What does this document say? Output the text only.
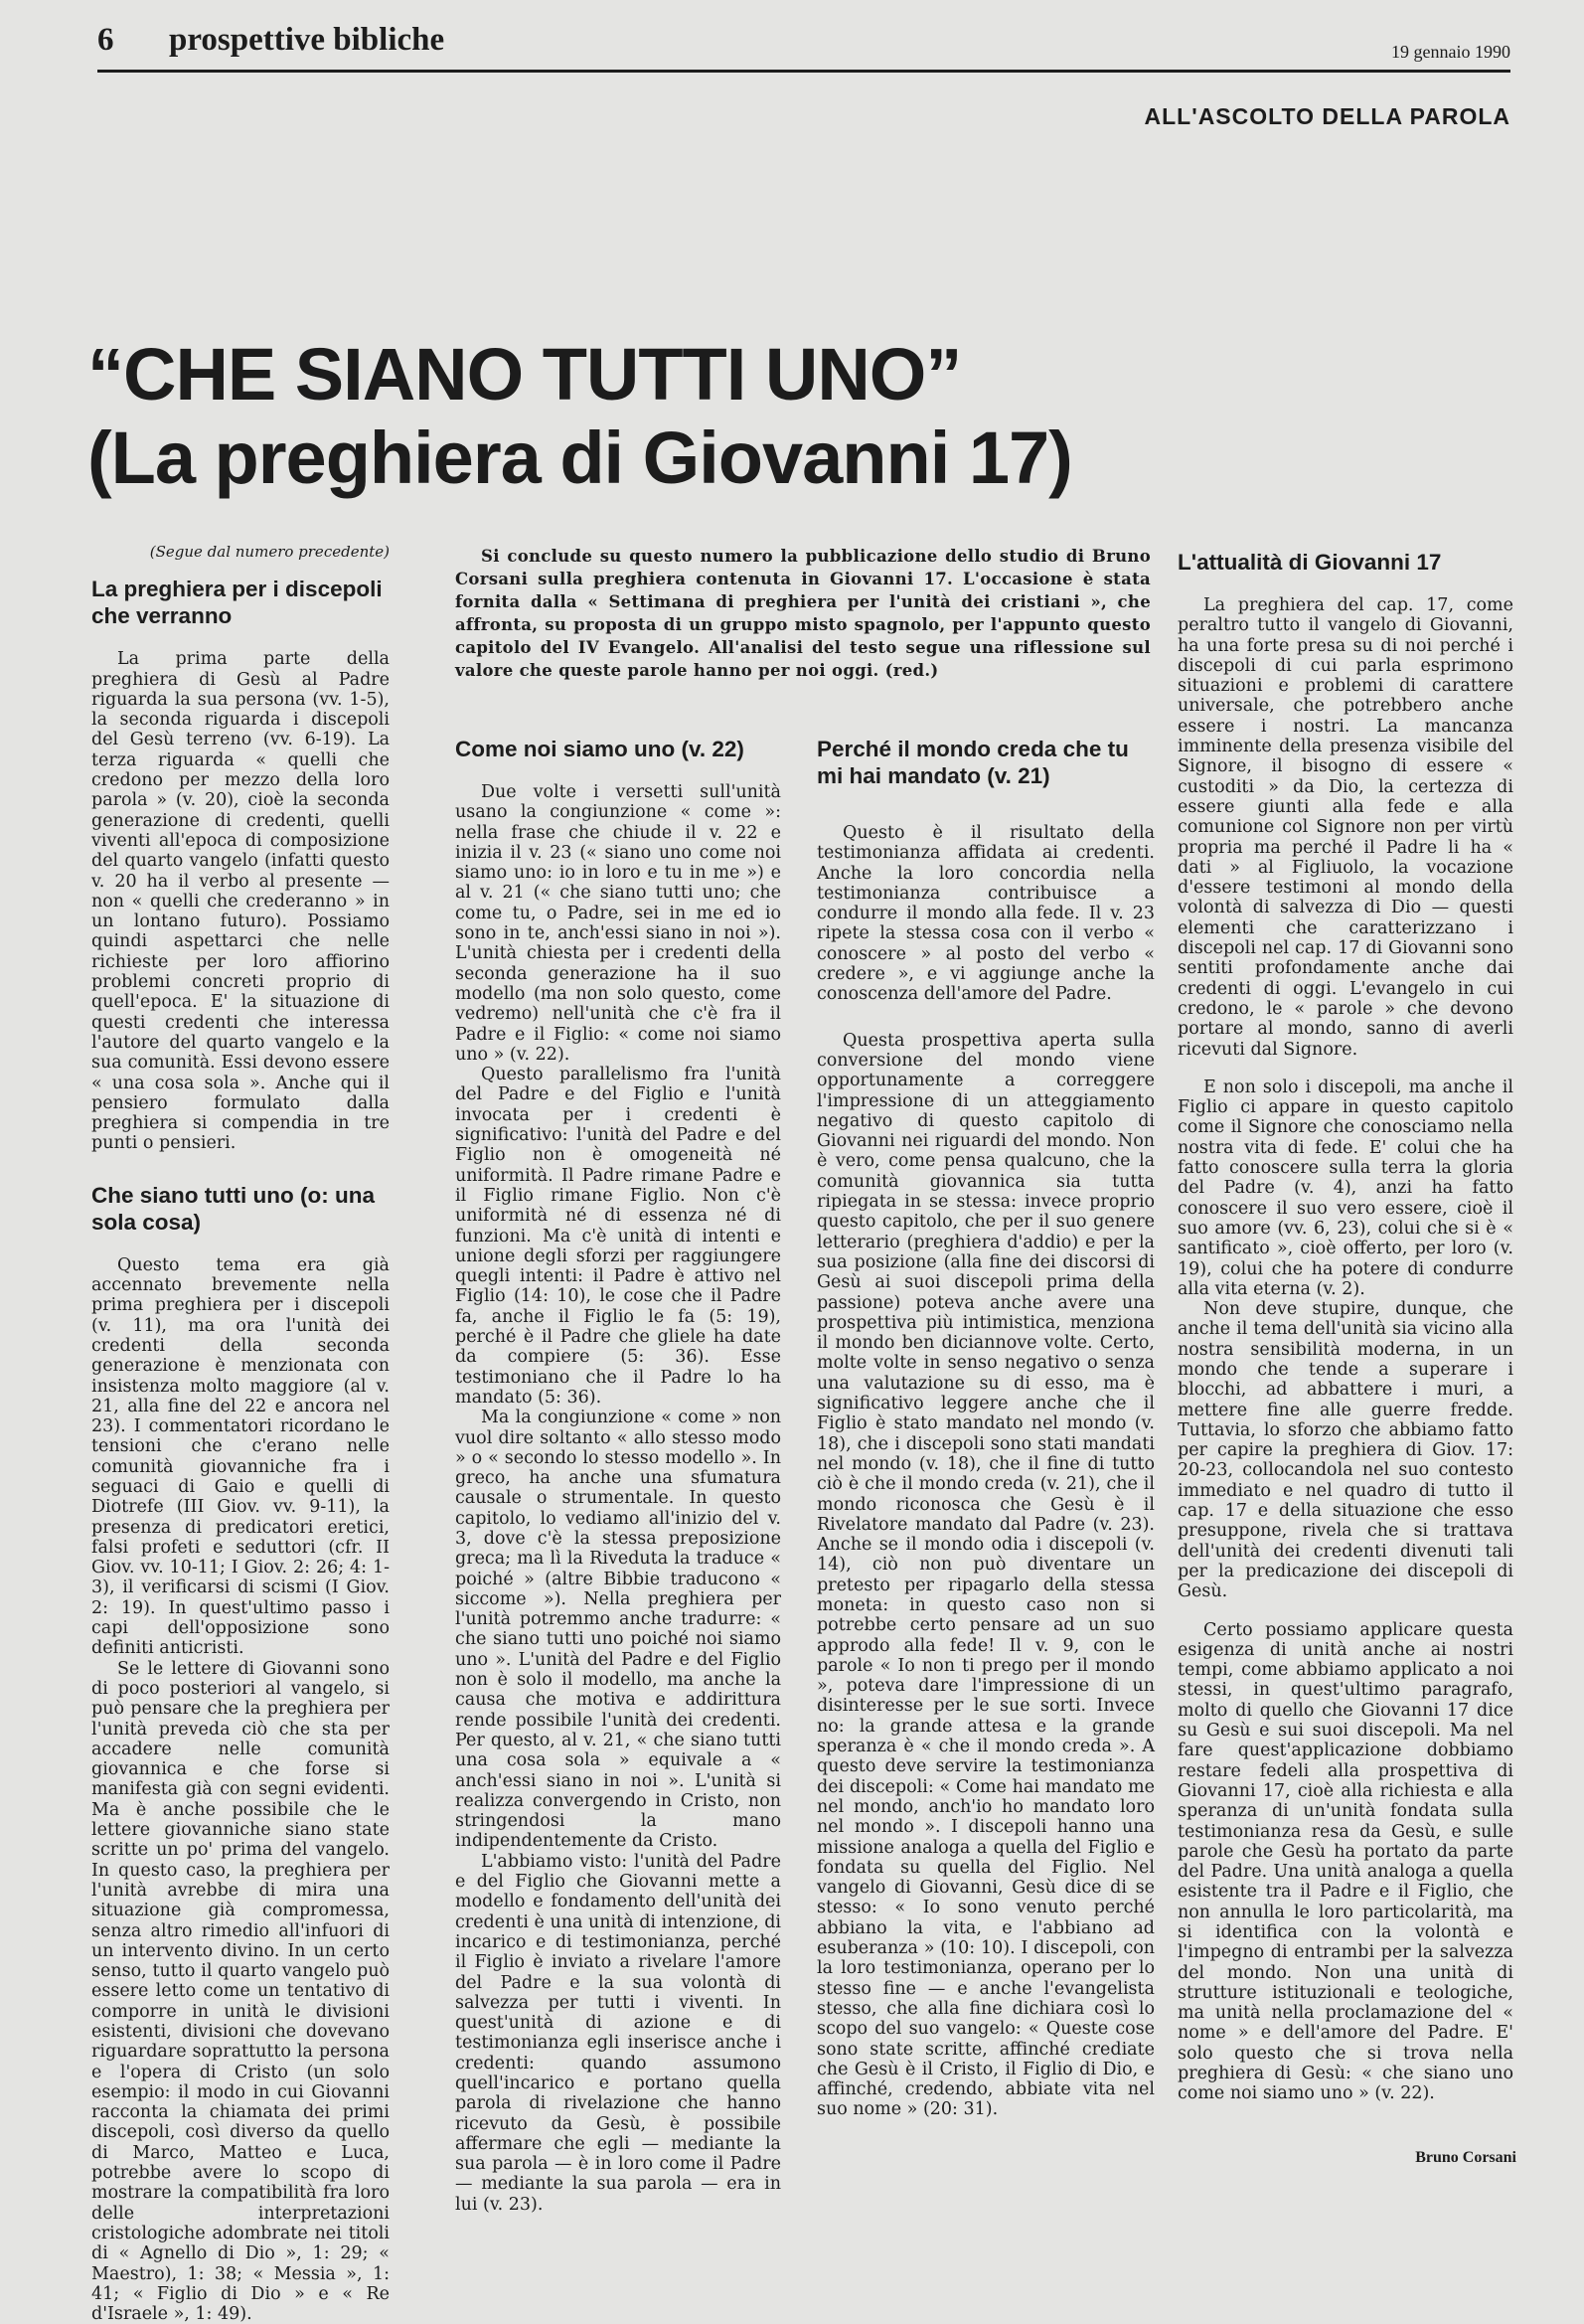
6 prospettive bibliche	19 gennaio 1990
ALL'ASCOLTO DELLA PAROLA
“CHE SIANO TUTTI UNO”
(La preghiera di Giovanni 17)

(Segue dal numero precedente)

La preghiera per i discepoli che verranno

La prima parte della preghiera di Gesù al Padre riguarda la sua persona (vv. 1-5), la seconda riguarda i discepoli del Gesù terreno (vv. 6-19). La terza riguarda « quelli che credono per mezzo della loro parola » (v. 20), cioè la seconda generazione di credenti, quelli viventi all'epoca di composizione del quarto vangelo (infatti questo v. 20 ha il verbo al presente — non « quelli che crederanno » in un lontano futuro). Possiamo quindi aspettarci che nelle richieste per loro affiorino problemi concreti proprio di quell'epoca. E' la situazione di questi credenti che interessa l'autore del quarto vangelo e la sua comunità. Essi devono essere « una cosa sola ». Anche qui il pensiero formulato dalla preghiera si compendia in tre punti o pensieri.

Che siano tutti uno (o: una sola cosa)

Questo tema era già accennato brevemente nella prima preghiera per i discepoli (v. 11), ma ora l'unità dei credenti della seconda generazione è menzionata con insistenza molto maggiore (al v. 21, alla fine del 22 e ancora nel 23). I commentatori ricordano le tensioni che c'erano nelle comunità giovanniche fra i seguaci di Gaio e quelli di Diotrefe (III Giov. vv. 9-11), la presenza di predicatori eretici, falsi profeti e seduttori (cfr. II Giov. vv. 10-11; I Giov. 2: 26; 4: 1-3), il verificarsi di scismi (I Giov. 2: 19). In quest'ultimo passo i capi dell'opposizione sono definiti anticristi.

Se le lettere di Giovanni sono di poco posteriori al vangelo, si può pensare che la preghiera per l'unità preveda ciò che sta per accadere nelle comunità giovannica e che forse si manifesta già con segni evidenti. Ma è anche possibile che le lettere giovanniche siano state scritte un po' prima del vangelo. In questo caso, la preghiera per l'unità avrebbe di mira una situazione già compromessa, senza altro rimedio all'infuori di un intervento divino. In un certo senso, tutto il quarto vangelo può essere letto come un tentativo di comporre in unità le divisioni esistenti, divisioni che dovevano riguardare soprattutto la persona e l'opera di Cristo (un solo esempio: il modo in cui Giovanni racconta la chiamata dei primi discepoli, così diverso da quello di Marco, Matteo e Luca, potrebbe avere lo scopo di mostrare la compatibilità fra loro delle interpretazioni cristologiche adombrate nei titoli di « Agnello di Dio », 1: 29; « Maestro), 1: 38; « Messia », 1: 41; « Figlio di Dio » e « Re d'Israele », 1: 49).

Si conclude su questo numero la pubblicazione dello studio di Bruno Corsani sulla preghiera contenuta in Giovanni 17. L'occasione è stata fornita dalla « Settimana di preghiera per l'unità dei cristiani », che affronta, su proposta di un gruppo misto spagnolo, per l'appunto questo capitolo del IV Evangelo. All'analisi del testo segue una riflessione sul valore che queste parole hanno per noi oggi. (red.)

Come noi siamo uno (v. 22)

Due volte i versetti sull'unità usano la congiunzione « come »: nella frase che chiude il v. 22 e inizia il v. 23 (« siano uno come noi siamo uno: io in loro e tu in me ») e al v. 21 (« che siano tutti uno; che come tu, o Padre, sei in me ed io sono in te, anch'essi siano in noi »). L'unità chiesta per i credenti della seconda generazione ha il suo modello (ma non solo questo, come vedremo) nell'unità che c'è fra il Padre e il Figlio: « come noi siamo uno » (v. 22).

Questo parallelismo fra l'unità del Padre e del Figlio e l'unità invocata per i credenti è significativo: l'unità del Padre e del Figlio non è omogeneità né uniformità. Il Padre rimane Padre e il Figlio rimane Figlio. Non c'è uniformità né di essenza né di funzioni. Ma c'è unità di intenti e unione degli sforzi per raggiungere quegli intenti: il Padre è attivo nel Figlio (14: 10), le cose che il Padre fa, anche il Figlio le fa (5: 19), perché è il Padre che gliele ha date da compiere (5: 36). Esse testimoniano che il Padre lo ha mandato (5: 36).

Ma la congiunzione « come » non vuol dire soltanto « allo stesso modo » o « secondo lo stesso modello ». In greco, ha anche una sfumatura causale o strumentale. In questo capitolo, lo vediamo all'inizio del v. 3, dove c'è la stessa preposizione greca; ma lì la Riveduta la traduce « poiché » (altre Bibbie traducono « siccome »). Nella preghiera per l'unità potremmo anche tradurre: « che siano tutti uno poiché noi siamo uno ». L'unità del Padre e del Figlio non è solo il modello, ma anche la causa che motiva e addirittura rende possibile l'unità dei credenti. Per questo, al v. 21, « che siano tutti una cosa sola » equivale a « anch'essi siano in noi ». L'unità si realizza convergendo in Cristo, non stringendosi la mano indipendentemente da Cristo.

L'abbiamo visto: l'unità del Padre e del Figlio che Giovanni mette a modello e fondamento dell'unità dei credenti è una unità di intenzione, di incarico e di testimonianza, perché il Figlio è inviato a rivelare l'amore del Padre e la sua volontà di salvezza per tutti i viventi. In quest'unità di azione e di testimonianza egli inserisce anche i credenti: quando assumono quell'incarico e portano quella parola di rivelazione che hanno ricevuto da Gesù, è possibile affermare che egli — mediante la sua parola — è in loro come il Padre — mediante la sua parola — era in lui (v. 23).

Perché il mondo creda che tu mi hai mandato (v. 21)

Questo è il risultato della testimonianza affidata ai credenti. Anche la loro concordia nella testimonianza contribuisce a condurre il mondo alla fede. Il v. 23 ripete la stessa cosa con il verbo « conoscere » al posto del verbo « credere », e vi aggiunge anche la conoscenza dell'amore del Padre.

Questa prospettiva aperta sulla conversione del mondo viene opportunamente a correggere l'impressione di un atteggiamento negativo di questo capitolo di Giovanni nei riguardi del mondo. Non è vero, come pensa qualcuno, che la comunità giovannica sia tutta ripiegata in se stessa: invece proprio questo capitolo, che per il suo genere letterario (preghiera d'addio) e per la sua posizione (alla fine dei discorsi di Gesù ai suoi discepoli prima della passione) poteva anche avere una prospettiva più intimistica, menziona il mondo ben diciannove volte. Certo, molte volte in senso negativo o senza una valutazione su di esso, ma è significativo leggere anche che il Figlio è stato mandato nel mondo (v. 18), che i discepoli sono stati mandati nel mondo (v. 18), che il fine di tutto ciò è che il mondo creda (v. 21), che il mondo riconosca che Gesù è il Rivelatore mandato dal Padre (v. 23). Anche se il mondo odia i discepoli (v. 14), ciò non può diventare un pretesto per ripagarlo della stessa moneta: in questo caso non si potrebbe certo pensare ad un suo approdo alla fede! Il v. 9, con le parole « Io non ti prego per il mondo », poteva dare l'impressione di un disinteresse per le sue sorti. Invece no: la grande attesa e la grande speranza è « che il mondo creda ». A questo deve servire la testimonianza dei discepoli: « Come hai mandato me nel mondo, anch'io ho mandato loro nel mondo ». I discepoli hanno una missione analoga a quella del Figlio e fondata su quella del Figlio. Nel vangelo di Giovanni, Gesù dice di se stesso: « Io sono venuto perché abbiano la vita, e l'abbiano ad esuberanza » (10: 10). I discepoli, con la loro testimonianza, operano per lo stesso fine — e anche l'evangelista stesso, che alla fine dichiara così lo scopo del suo vangelo: « Queste cose sono state scritte, affinché crediate che Gesù è il Cristo, il Figlio di Dio, e affinché, credendo, abbiate vita nel suo nome » (20: 31).

L'attualità di Giovanni 17

La preghiera del cap. 17, come peraltro tutto il vangelo di Giovanni, ha una forte presa su di noi perché i discepoli di cui parla esprimono situazioni e problemi di carattere universale, che potrebbero anche essere i nostri. La mancanza imminente della presenza visibile del Signore, il bisogno di essere « custoditi » da Dio, la certezza di essere giunti alla fede e alla comunione col Signore non per virtù propria ma perché il Padre li ha « dati » al Figliuolo, la vocazione d'essere testimoni al mondo della volontà di salvezza di Dio — questi elementi che caratterizzano i discepoli nel cap. 17 di Giovanni sono sentiti profondamente anche dai credenti di oggi. L'evangelo in cui credono, le « parole » che devono portare al mondo, sanno di averli ricevuti dal Signore.

E non solo i discepoli, ma anche il Figlio ci appare in questo capitolo come il Signore che conosciamo nella nostra vita di fede. E' colui che ha fatto conoscere sulla terra la gloria del Padre (v. 4), anzi ha fatto conoscere il suo vero essere, cioè il suo amore (vv. 6, 23), colui che si è « santificato », cioè offerto, per loro (v. 19), colui che ha potere di condurre alla vita eterna (v. 2).

Non deve stupire, dunque, che anche il tema dell'unità sia vicino alla nostra sensibilità moderna, in un mondo che tende a superare i blocchi, ad abbattere i muri, a mettere fine alle guerre fredde. Tuttavia, lo sforzo che abbiamo fatto per capire la preghiera di Giov. 17: 20-23, collocandola nel suo contesto immediato e nel quadro di tutto il cap. 17 e della situazione che esso presuppone, rivela che si trattava dell'unità dei credenti divenuti tali per la predicazione dei discepoli di Gesù.

Certo possiamo applicare questa esigenza di unità anche ai nostri tempi, come abbiamo applicato a noi stessi, in quest'ultimo paragrafo, molto di quello che Giovanni 17 dice su Gesù e sui suoi discepoli. Ma nel fare quest'applicazione dobbiamo restare fedeli alla prospettiva di Giovanni 17, cioè alla richiesta e alla speranza di un'unità fondata sulla testimonianza resa da Gesù, e sulle parole che Gesù ha portato da parte del Padre. Una unità analoga a quella esistente tra il Padre e il Figlio, che non annulla le loro particolarità, ma si identifica con la volontà e l'impegno di entrambi per la salvezza del mondo. Non una unità di strutture istituzionali e teologiche, ma unità nella proclamazione del « nome » e dell'amore del Padre. E' solo questo che si trova nella preghiera di Gesù: « che siano uno come noi siamo uno » (v. 22).

Bruno Corsani
